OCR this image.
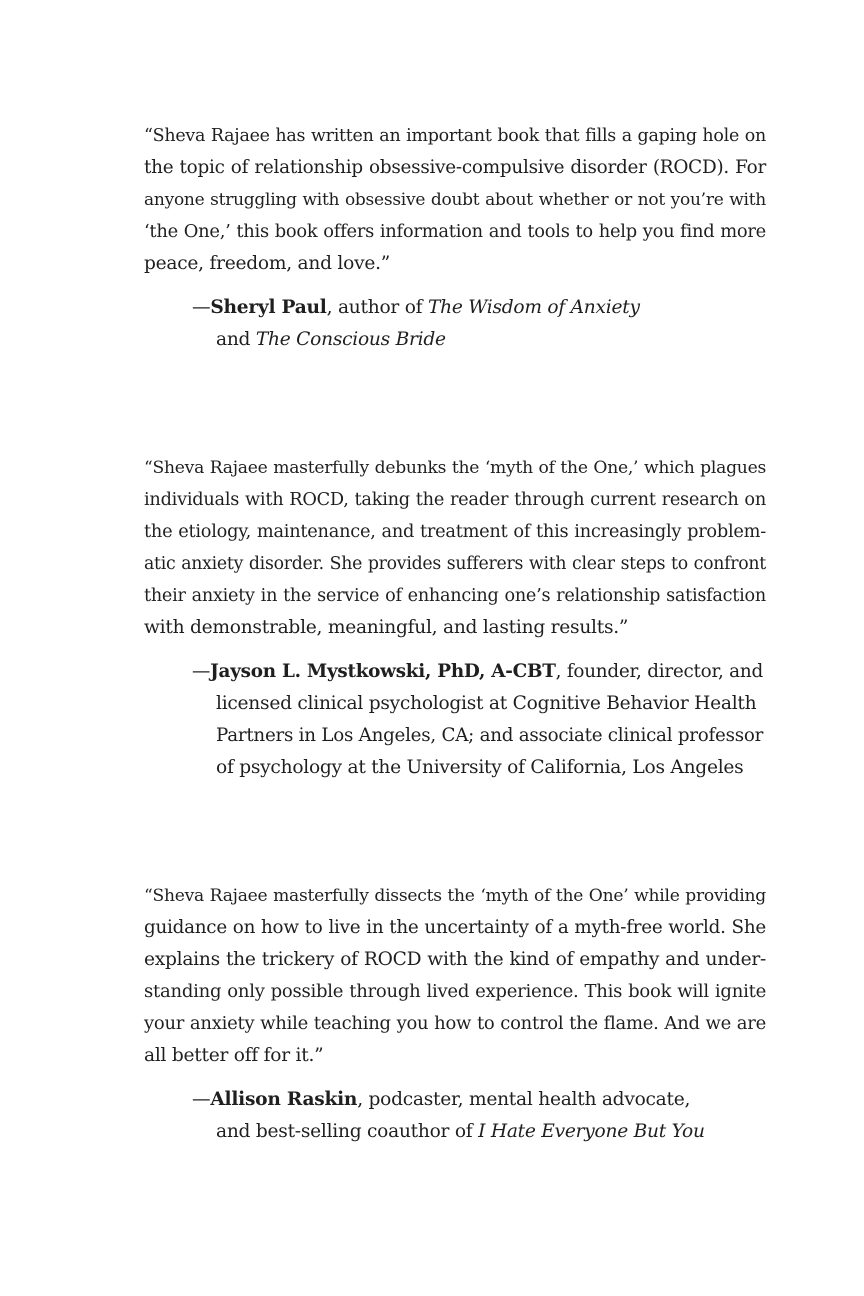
“Sheva Rajaee has written an important book that fills a gaping hole on
the topic of relationship obsessive-compulsive disorder (ROCD). For
anyone struggling with obsessive doubt about whether or not you’re with
‘the One,’ this book offers information and tools to help you find more
peace, freedom, and love.”
—Sheryl Paul, author of The Wisdom of Anxiety
and The Conscious Bride
“Sheva Rajaee masterfully debunks the ‘myth of the One,’ which plagues
individuals with ROCD, taking the reader through current research on
the etiology, maintenance, and treatment of this increasingly problem-
atic anxiety disorder. She provides sufferers with clear steps to confront
their anxiety in the service of enhancing one’s relationship satisfaction
with demonstrable, meaningful, and lasting results.”
—Jayson L. Mystkowski, PhD, A-CBT, founder, director, and
licensed clinical psychologist at Cognitive Behavior Health
Partners in Los Angeles, CA; and associate clinical professor
of psychology at the University of California, Los Angeles
“Sheva Rajaee masterfully dissects the ‘myth of the One’ while providing
guidance on how to live in the uncertainty of a myth-free world. She
explains the trickery of ROCD with the kind of empathy and under-
standing only possible through lived experience. This book will ignite
your anxiety while teaching you how to control the flame. And we are
all better off for it.”
—Allison Raskin, podcaster, mental health advocate,
and best-selling coauthor of I Hate Everyone But You
